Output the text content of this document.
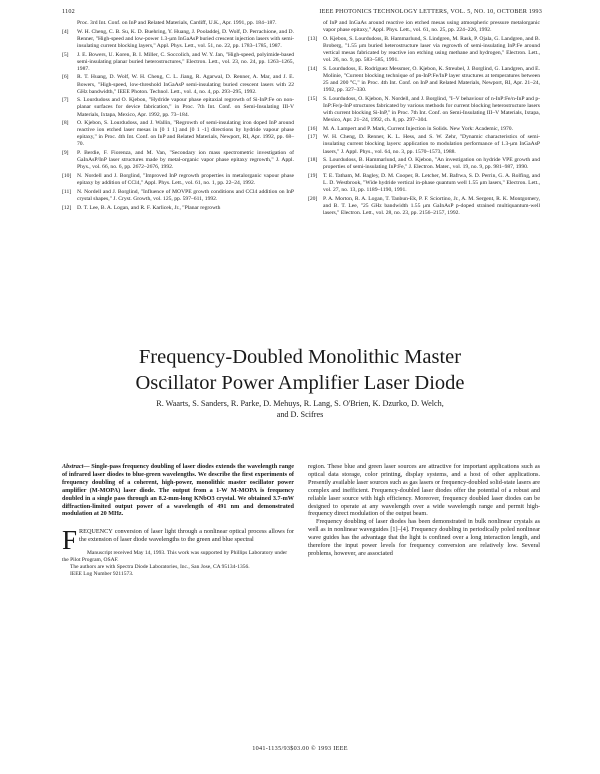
1102	IEEE PHOTONICS TECHNOLOGY LETTERS, VOL. 5, NO. 10, OCTOBER 1993
Proc. 3rd Int. Conf. on InP and Related Materials, Cardiff, U.K., Apr. 1991, pp. 184–187.
[4]	W. H. Cheng, C. B. Su, K. D. Buehring, Y. Huang, J. Pooladdej, D. Wolf, D. Perrachione, and D. Renner, "High-speed and low-power 1.3-μm InGaAsP buried crescent injection lasers with semi-insulating current blocking layers," Appl. Phys. Lett., vol. 51, no. 22, pp. 1783–1785, 1987.
[5]	J. E. Bowers, U. Koren, B. I. Miller, C. Soccolich, and W. Y. Jan, "High-speed, polyimide-based semi-insulating planar buried heterostructures," Electron. Lett., vol. 23, no. 24, pp. 1263–1265, 1987.
[6]	R. T. Huang, D. Wolf, W. H. Cheng, C. L. Jiang, R. Agarwal, D. Renner, A. Mar, and J. E. Bowers, "High-speed, low-threshold InGaAsP semi-insulating buried crescent lasers with 22 GHz bandwidth," IEEE Photon. Technol. Lett., vol. 4, no. 4, pp. 293–295, 1992.
[7]	S. Lourdudoss and O. Kjebon, "Hydride vapour phase epitaxial regrowth of Si-InP:Fe on non-planar surfaces for device fabrication," in Proc. 7th Int. Conf. on Semi-Insulating III-V Materials, Ixtapa, Mexico, Apr. 1992, pp. 73–184.
[8]	O. Kjebon, S. Lourdudoss, and J. Wallin, "Regrowth of semi-insulating iron doped InP around reactive ion etched laser mesas in [0 1 1] and [0 1 -1] directions by hydride vapour phase epitaxy," in Proc. 4th Int. Conf. on InP and Related Materials, Newport, RI, Apr. 1992, pp. 68–70.
[9]	P. Berdie, F. Fiorenza, and M. Van, "Secondary ion mass spectrometric investigation of GaInAsP/InP laser structures made by metal-organic vapor phase epitaxy regrowth," J. Appl. Phys., vol. 66, no. 6, pp. 2672–2676, 1992.
[10]	N. Nordell and J. Borglind, "Improved InP regrowth properties in metalorganic vapour phase epitaxy by addition of CCl4," Appl. Phys. Lett., vol. 61, no. 1, pp. 22–24, 1992.
[11]	N. Nordell and J. Borglind, "Influence of MOVPE growth conditions and CCl4 addition on InP crystal shapes," J. Cryst. Growth, vol. 125, pp. 597–611, 1992.
[12]	D. T. Lee, B. A. Logan, and R. F. Karlicek, Jr., "Planar regrowth
of InP and InGaAs around reactive ion etched mesas using atmospheric pressure metalorganic vapor phase epitaxy," Appl. Phys. Lett., vol. 61, no. 25, pp. 224–226, 1992.
[13]	O. Kjebon, S. Lourdudoss, B. Hammarlund, S. Lindgren, M. Rask, P. Ojala, G. Landgren, and B. Broberg, "1.55 μm buried heterostructure laser via regrowth of semi-insulating InP:Fe around vertical mesas fabricated by reactive ion etching using methane and hydrogen," Electron. Lett., vol. 26, no. 9, pp. 583–585, 1991.
[14]	S. Lourdudoss, E. Rodríguez Messmer, O. Kjebon, K. Streubel, J. Borglind, G. Landgren, and E. Molinie, "Current blocking technique of pn-InP:Fe/InP layer structures at temperatures between 25 and 200 °C," in Proc. 4th Int. Conf. on InP and Related Materials, Newport, RI, Apr. 21–24, 1992, pp. 327–330.
[15]	S. Lourdudoss, O. Kjebon, N. Nordell, and J. Borglind, "I–V behaviour of n-InP:Fe/n-InP and p-InP:Fe/p-InP structures fabricated by various methods for current blocking heterostructure lasers with current blocking Si-InP," in Proc. 7th Int. Conf. on Semi-Insulating III–V Materials, Ixtapa, Mexico, Apr. 21–24, 1992, ch. 8, pp. 297–304.
[16]	M. A. Lampert and P. Mark, Current Injection in Solids. New York: Academic, 1970.
[17]	W. H. Cheng, D. Renner, K. L. Hess, and S. W. Zehr, "Dynamic characteristics of semi-insulating current blocking layers: application to modulation performance of 1.3-μm InGaAsP lasers," J. Appl. Phys., vol. 64, no. 3, pp. 1570–1573, 1988.
[18]	S. Lourdudoss, B. Hammarlund, and O. Kjebon, "An investigation on hydride VPE growth and properties of semi-insulating InP:Fe," J. Electron. Mater., vol. 19, no. 9, pp. 981–987, 1990.
[19]	T. E. Tatham, M. Bagley, D. M. Cooper, R. Letcher, M. Bafrwa, S. D. Perrin, G. A. Rolfing, and L. D. Westbrook, "Wide hydride vertical in-phase quantum well 1.55 μm lasers," Electron. Lett., vol. 27, no. 13, pp. 1189–1190, 1991.
[20]	P. A. Morton, R. A. Logan, T. Tanbun-Ek, P. F. Sciortino, Jr., A. M. Sergent, R. K. Montgomery, and B. T. Lee, "25 GHz bandwidth 1.55 μm GaInAsP p-doped strained multiquantum-well lasers," Electron. Lett., vol. 28, no. 23, pp. 2156–2157, 1992.
Frequency-Doubled Monolithic Master
Oscillator Power Amplifier Laser Diode
R. Waarts, S. Sanders, R. Parke, D. Mehuys, R. Lang, S. O'Brien, K. Dzurko, D. Welch,
and D. Scifres
Abstract— Single-pass frequency doubling of laser diodes extends the wavelength range of infrared laser diodes to blue-green wavelengths. We describe the first experiments of frequency doubling of a coherent, high-power, monolithic master oscillator power amplifier (M-MOPA) laser diode. The output from a 1-W M-MOPA is frequency doubled in a single pass through an 8.2-mm-long KNbO3 crystal. We obtained 3.7-mW diffraction-limited output power of a wavelength of 491 nm and demonstrated modulation at 20 MHz.
FREQUENCY conversion of laser light through a nonlinear optical process allows for the extension of laser diode wavelengths to the green and blue spectral

Manuscript received May 14, 1993. This work was supported by Phillips Laboratory under the Pilot Program, OSAF.

The authors are with Spectra Diode Laboratories, Inc., San Jose, CA 95134-1356.

IEEE Log Number 9211573.

region. These blue and green laser sources are attractive for important applications such as optical data storage, color printing, display systems, and a host of other applications. Presently available laser sources such as gas lasers or frequency-doubled solid-state lasers are complex and inefficient. Frequency-doubled laser diodes offer the potential of a robust and reliable laser source with high efficiency. Moreover, frequency doubled laser diodes can be designed to operate at any wavelength over a wide wavelength range and permit high-frequency direct modulation of the output beam.

Frequency doubling of laser diodes has been demonstrated in bulk nonlinear crystals as well as in nonlinear waveguides [1]–[4]. Frequency doubling in periodically poled nonlinear wave guides has the advantage that the light is confined over a long interaction length, and therefore the input power levels for frequency conversion are relatively low. Several problems, however, are associated

1041-1135/93$03.00 © 1993 IEEE
